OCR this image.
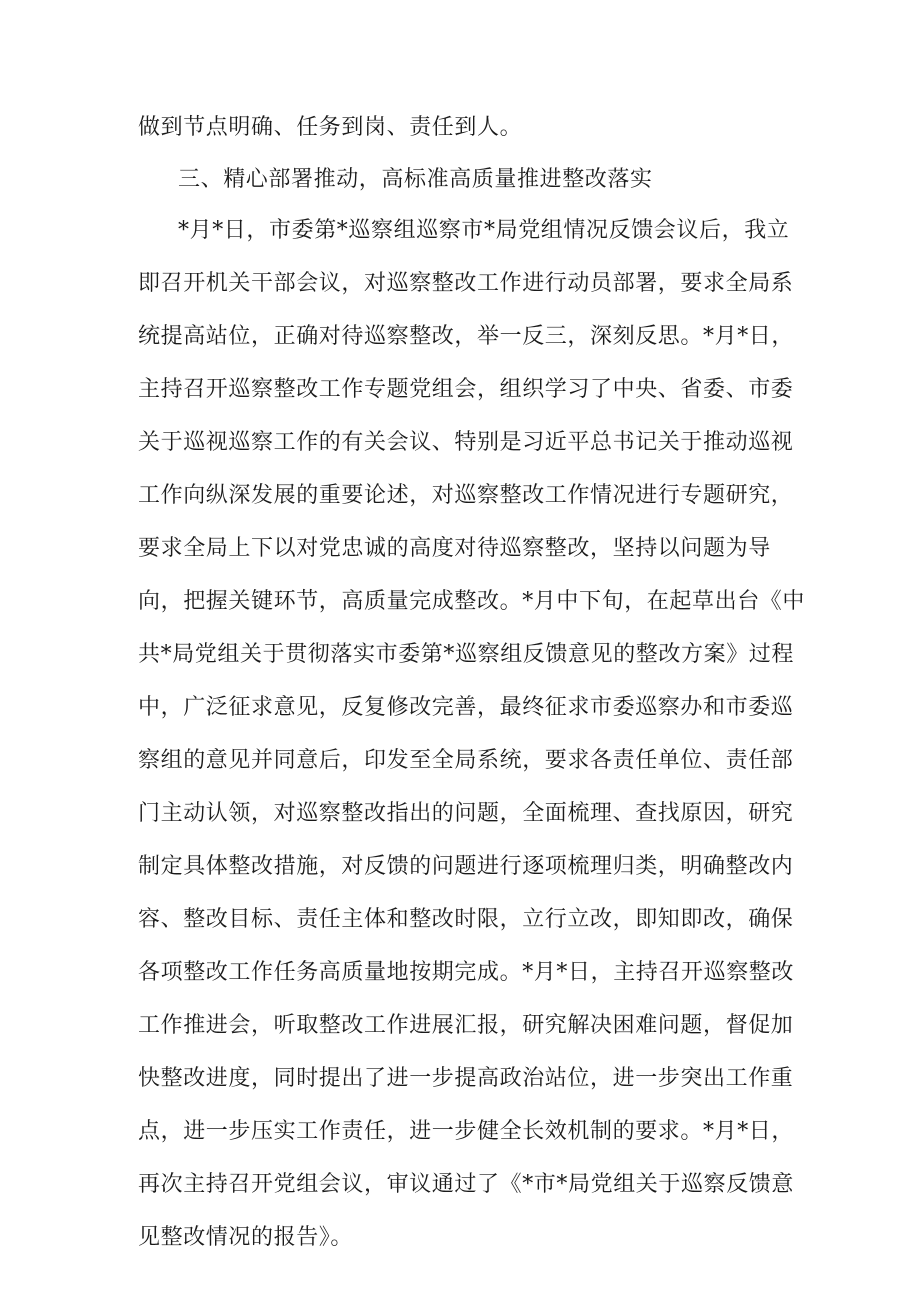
做到节点明确、任务到岗、责任到人。
三、精心部署推动，高标准高质量推进整改落实
*月*日，市委第*巡察组巡察市*局党组情况反馈会议后，我立
即召开机关干部会议，对巡察整改工作进行动员部署，要求全局系
统提高站位，正确对待巡察整改，举一反三，深刻反思。*月*日，
主持召开巡察整改工作专题党组会，组织学习了中央、省委、市委
关于巡视巡察工作的有关会议、特别是习近平总书记关于推动巡视
工作向纵深发展的重要论述，对巡察整改工作情况进行专题研究，
要求全局上下以对党忠诚的高度对待巡察整改，坚持以问题为导
向，把握关键环节，高质量完成整改。*月中下旬，在起草出台《中
共*局党组关于贯彻落实市委第*巡察组反馈意见的整改方案》过程
中，广泛征求意见，反复修改完善，最终征求市委巡察办和市委巡
察组的意见并同意后，印发至全局系统，要求各责任单位、责任部
门主动认领，对巡察整改指出的问题，全面梳理、查找原因，研究
制定具体整改措施，对反馈的问题进行逐项梳理归类，明确整改内
容、整改目标、责任主体和整改时限，立行立改，即知即改，确保
各项整改工作任务高质量地按期完成。*月*日，主持召开巡察整改
工作推进会，听取整改工作进展汇报，研究解决困难问题，督促加
快整改进度，同时提出了进一步提高政治站位，进一步突出工作重
点，进一步压实工作责任，进一步健全长效机制的要求。*月*日，
再次主持召开党组会议，审议通过了《*市*局党组关于巡察反馈意
见整改情况的报告》。
